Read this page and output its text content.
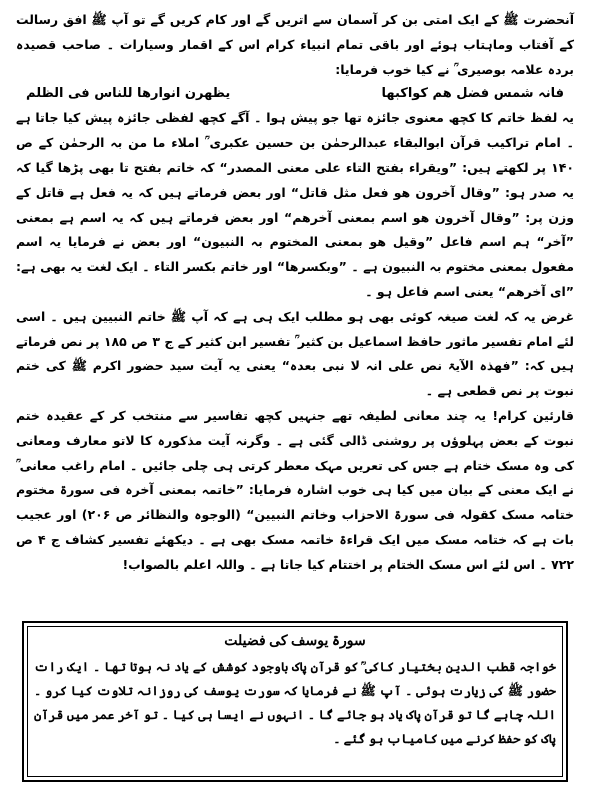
آنحضرت ﷺ کے ایک امتی بن کر آسمان سے اتریں گے اور کام کریں گے تو آپ ﷺ افق رسالت کے آفتاب وماہتاب ہوئے اور باقی تمام انبیاء کرام اس کے اقمار وسیارات ۔ صاحب قصیدہ بردہ علامہ بوصیری ؒ نے کیا خوب فرمایا:

فانہ شمس فضل ھم کواکبھا
یظھرن انوارھا للناس فی الظلم

یہ لفظ خاتم کا کچھ معنوی جائزہ تھا جو پیش ہوا ۔ آگے کچھ لفظی جائزہ پیش کیا جاتا ہے ۔ امام تراکیب قرآن ابوالبقاء عبدالرحمٰن بن حسین عکبری ؒ املاء ما من بہ الرحمٰن کے ص ۱۴۰ پر لکھتے ہیں: ”ویقراء بفتح التاء علی معنی المصدر“ کہ خاتم بفتح تا بھی پڑھا گیا کہ یہ صدر ہو: ”وقال آخرون ھو فعل مثل قاتل“ اور بعض فرماتے ہیں کہ یہ فعل ہے قاتل کے وزن پر: ”وقال آخرون ھو اسم بمعنی آخرھم“ اور بعض فرماتے ہیں کہ یہ اسم ہے بمعنی ”آخر“ ہم اسم فاعل ”وقیل ھو بمعنی المختوم بہ النبیون“ اور بعض نے فرمایا یہ اسم مفعول بمعنی مختوم بہ النبیون ہے ۔ ”وبکسرھا“ اور خاتم بکسر التاء ۔ ایک لغت یہ بھی ہے: ”ای آخرھم“ یعنی اسم فاعل ہو ۔

غرض یہ کہ لغت صیغہ کوئی بھی ہو مطلب ایک ہی ہے کہ آپ ﷺ خاتم النبیین ہیں ۔ اسی لئے امام تفسیر ماثور حافظ اسماعیل بن کثیر ؒ تفسیر ابن کثیر کے ج ۳ ص ۱۸۵ پر نص فرماتے ہیں کہ: ”فھذہ الآیۃ نص علی انہ لا نبی بعدہ“ یعنی یہ آیت سید حضور اکرم ﷺ کی ختم نبوت پر نص قطعی ہے ۔

قارئین کرام! یہ چند معانی لطیفہ تھے جنہیں کچھ تفاسیر سے منتخب کر کے عقیدہ ختم نبوت کے بعض پہلوؤں پر روشنی ڈالی گئی ہے ۔ وگرنہ آیت مذکورہ کا لاتو معارف ومعانی کی وہ مسک ختام ہے جس کی تعریں مہک معطر کرتی ہی چلی جائیں ۔ امام راغب معانی ؒ نے ایک معنی کے بیان میں کیا ہی خوب اشارہ فرمایا: ”خاتمہ بمعنی آخرہ فی سورۃ مختوم ختامہ مسک کقولہ فی سورۃ الاحزاب وخاتم النبیین“ (الوجوہ والنظائر ص ۲۰۶) اور عجیب بات ہے کہ ختامہ مسک میں ایک قراءۃ خاتمہ مسک بھی ہے ۔ دیکھئے تفسیر کشاف ج ۴ ص ۷۲۲ ۔ اس لئے اس مسک الختام پر اختتام کیا جاتا ہے ۔ واللہ اعلم بالصواب!

سورۃ یوسف کی فضیلت
خواجہ قطب الدین بختیار کاکی ؒ کو قرآن پاک باوجود کوشش کے یاد نہ ہوتا تھا ۔ ایک رات حضور ﷺ کی زیارت ہوئی ۔ آپ ﷺ نے فرمایا کہ سورت یوسف کی روزانہ تلاوت کیا کرو ۔ اللہ چاہے گا تو قرآن پاک یاد ہو جائے گا ۔ انہوں نے ایسا ہی کیا ۔ تو آخر عمر میں قرآن پاک کو حفظ کرنے میں کامیاب ہو گئے ۔
